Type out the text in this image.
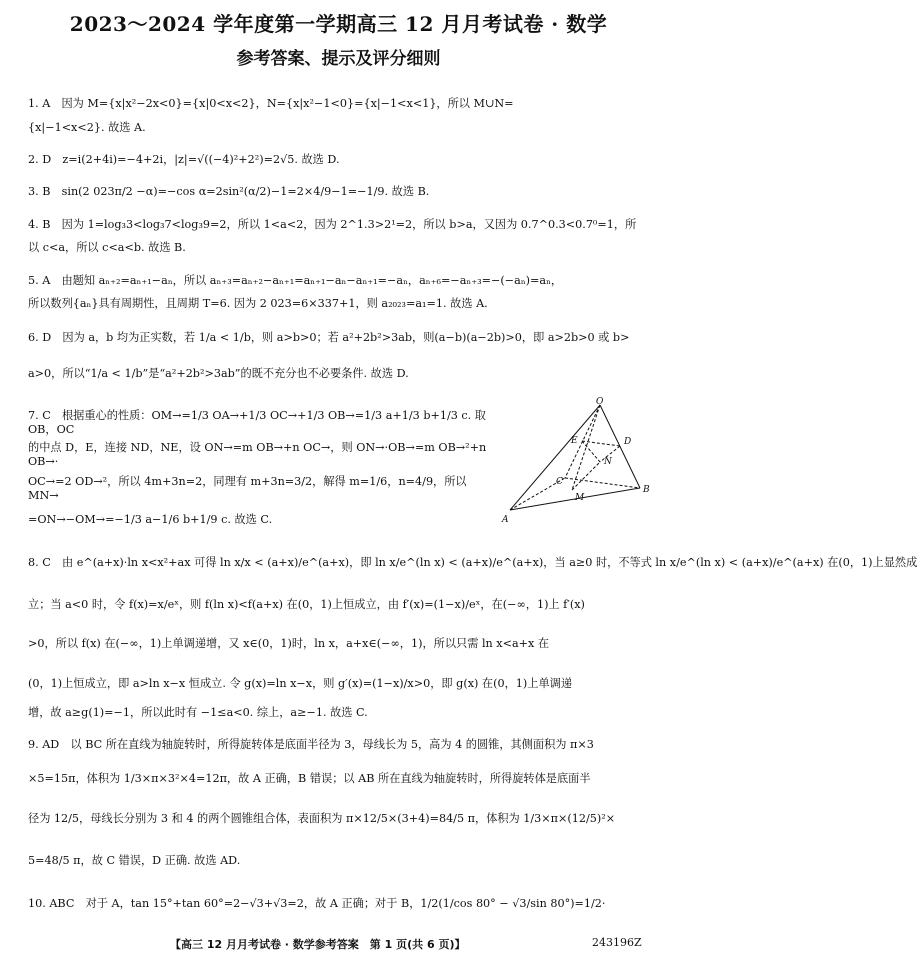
2023～2024 学年度第一学期高三 12 月月考试卷 · 数学
参考答案、提示及评分细则
1. A　因为 M={x|x²−2x<0}={x|0<x<2}，N={x|x²−1<0}={x|−1<x<1}，所以 M∪N=
{x|−1<x<2}. 故选 A.
2. D　z=i(2+4i)=−4+2i，|z|=√((−4)²+2²)=2√5. 故选 D.
3. B　sin(2 023π/2 −α)=−cos α=2sin²(α/2)−1=2×4/9−1=−1/9. 故选 B.
4. B　因为 1=log₃3<log₃7<log₃9=2，所以 1<a<2，因为 2^1.3>2¹=2，所以 b>a，又因为 0.7^0.3<0.7⁰=1，所
以 c<a，所以 c<a<b. 故选 B.
5. A　由题知 aₙ₊₂=aₙ₊₁−aₙ，所以 aₙ₊₃=aₙ₊₂−aₙ₊₁=aₙ₊₁−aₙ−aₙ₊₁=−aₙ，aₙ₊₆=−aₙ₊₃=−(−aₙ)=aₙ，
所以数列{aₙ}具有周期性，且周期 T=6. 因为 2 023=6×337+1，则 a₂₀₂₃=a₁=1. 故选 A.
6. D　因为 a，b 均为正实数，若 1/a < 1/b，则 a>b>0；若 a²+2b²>3ab，则(a−b)(a−2b)>0，即 a>2b>0 或 b>
a>0，所以“1/a < 1/b”是“a²+2b²>3ab”的既不充分也不必要条件. 故选 D.
7. C　根据重心的性质：OM→=1/3 OA→+1/3 OC→+1/3 OB→=1/3 a+1/3 b+1/3 c. 取 OB，OC
的中点 D，E，连接 ND，NE，设 ON→=m OB→+n OC→，则 ON→·OB→=m OB→²+n OB→·
OC→=2 OD→²，所以 4m+3n=2，同理有 m+3n=3/2，解得 m=1/6，n=4/9，所以 MN→
=ON→−OM→=−1/3 a−1/6 b+1/9 c. 故选 C.
8. C　由 e^(a+x)·ln x<x²+ax 可得 ln x/x < (a+x)/e^(a+x)，即 ln x/e^(ln x) < (a+x)/e^(a+x)，当 a≥0 时，不等式 ln x/e^(ln x) < (a+x)/e^(a+x) 在(0，1)上显然成
立；当 a<0 时，令 f(x)=x/eˣ，则 f(ln x)<f(a+x) 在(0，1)上恒成立，由 f′(x)=(1−x)/eˣ，在(−∞，1)上 f′(x)
>0，所以 f(x) 在(−∞，1)上单调递增，又 x∈(0，1)时，ln x，a+x∈(−∞，1)，所以只需 ln x<a+x 在
(0，1)上恒成立，即 a>ln x−x 恒成立. 令 g(x)=ln x−x，则 g′(x)=(1−x)/x>0，即 g(x) 在(0，1)上单调递
增，故 a≥g(1)=−1，所以此时有 −1≤a<0. 综上，a≥−1. 故选 C.
9. AD　以 BC 所在直线为轴旋转时，所得旋转体是底面半径为 3，母线长为 5，高为 4 的圆锥，其侧面积为 π×3
×5=15π，体积为 1/3×π×3²×4=12π，故 A 正确，B 错误；以 AB 所在直线为轴旋转时，所得旋转体是底面半
径为 12/5，母线长分别为 3 和 4 的两个圆锥组合体，表面积为 π×12/5×(3+4)=84/5 π，体积为 1/3×π×(12/5)²×
5=48/5 π，故 C 错误，D 正确. 故选 AD.
10. ABC　对于 A，tan 15°+tan 60°=2−√3+√3=2，故 A 正确；对于 B，1/2(1/cos 80° − √3/sin 80°)=1/2·
O
D
E
N
C
M
A
B
【高三 12 月月考试卷 · 数学参考答案　第 1 页(共 6 页)】	243196Z
